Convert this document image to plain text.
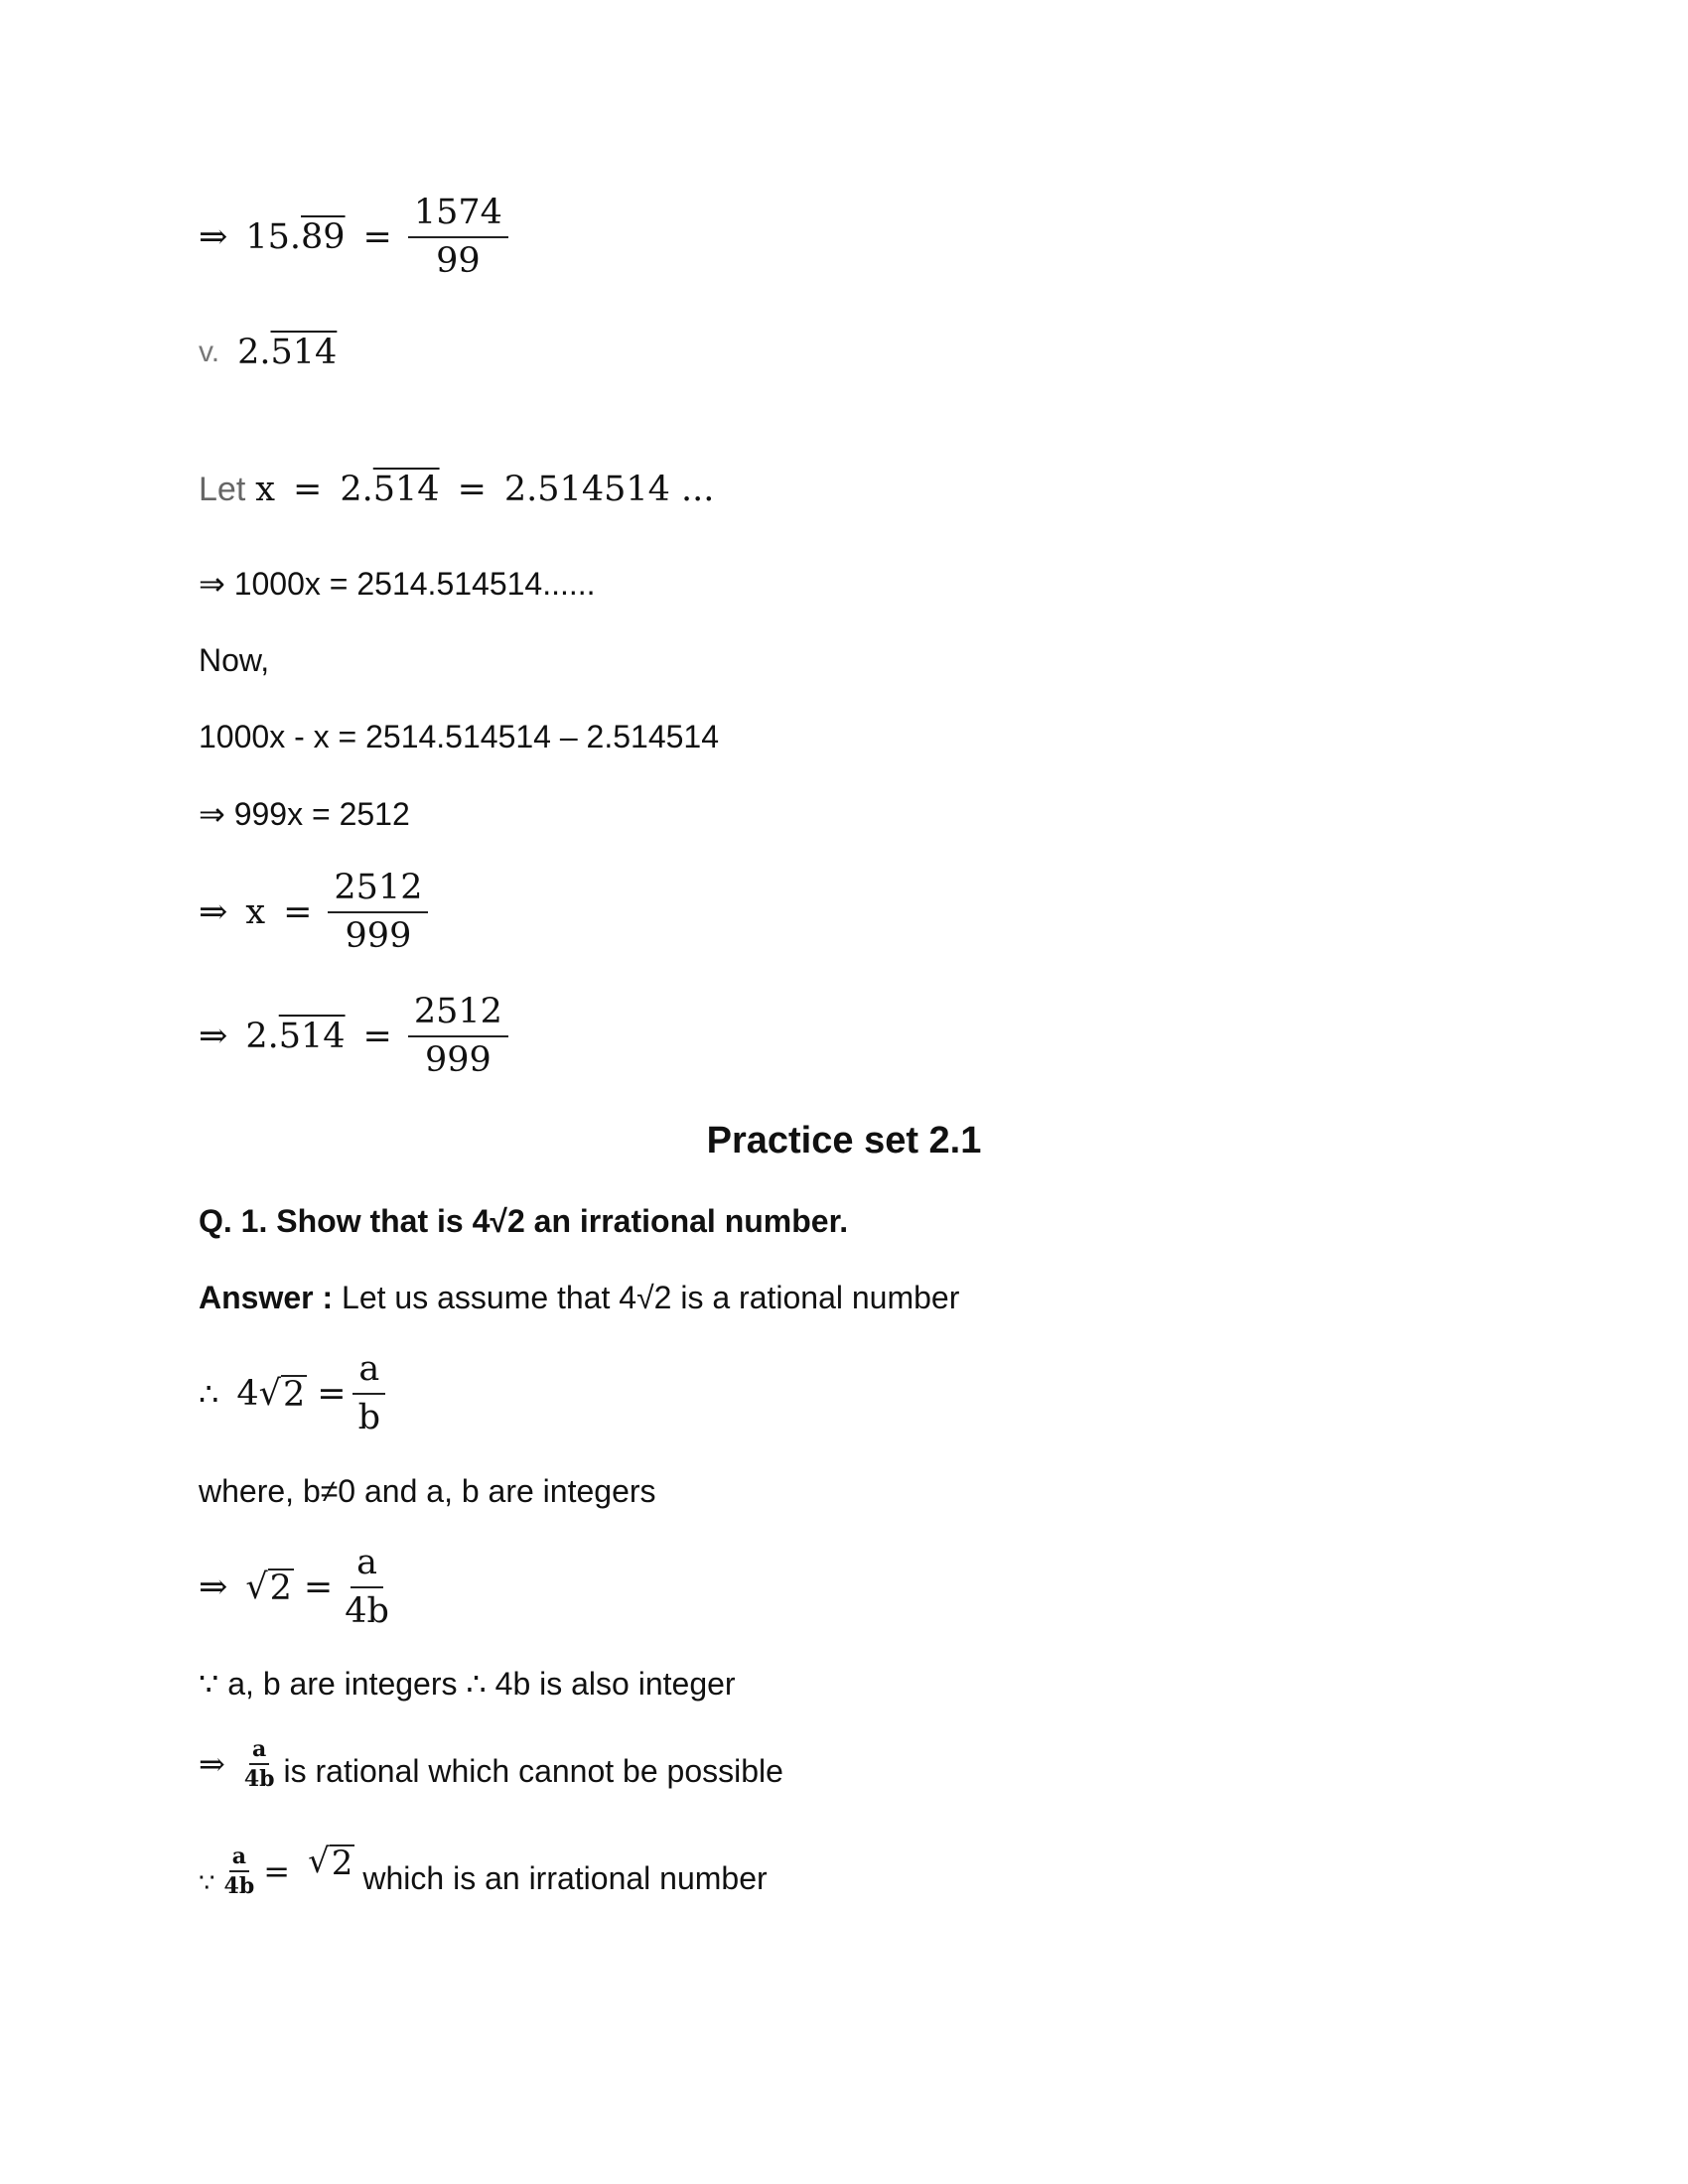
⇒ 15. $89 = \frac{1574}{99}$
v. 2. 514
Let x = 2. 514 = 2.514514 ...
⇒ 1000x = 2514.514514......
Now,
1000x - x = 2514.514514 – 2.514514
⇒ 999x = 2512
⇒ $x = \frac{2512}{999}$
⇒ 2. $514 = \frac{2512}{999}$
Practice set 2.1
Q. 1. Show that is 4√2 an irrational number.
Answer : Let us assume that 4√2 is a rational number
∴ 4 √ $2 = \frac{a}{b}$
where, b≠0 and a, b are integers
⇒ √ $2 = \frac{a}{4b}$
∵ a, b are integers ∴ 4b is also integer
⇒ $\frac{a}{4b}$ is rational which cannot be possible
∵ $\frac{a}{4b}$ = √ 2 which is an irrational number
